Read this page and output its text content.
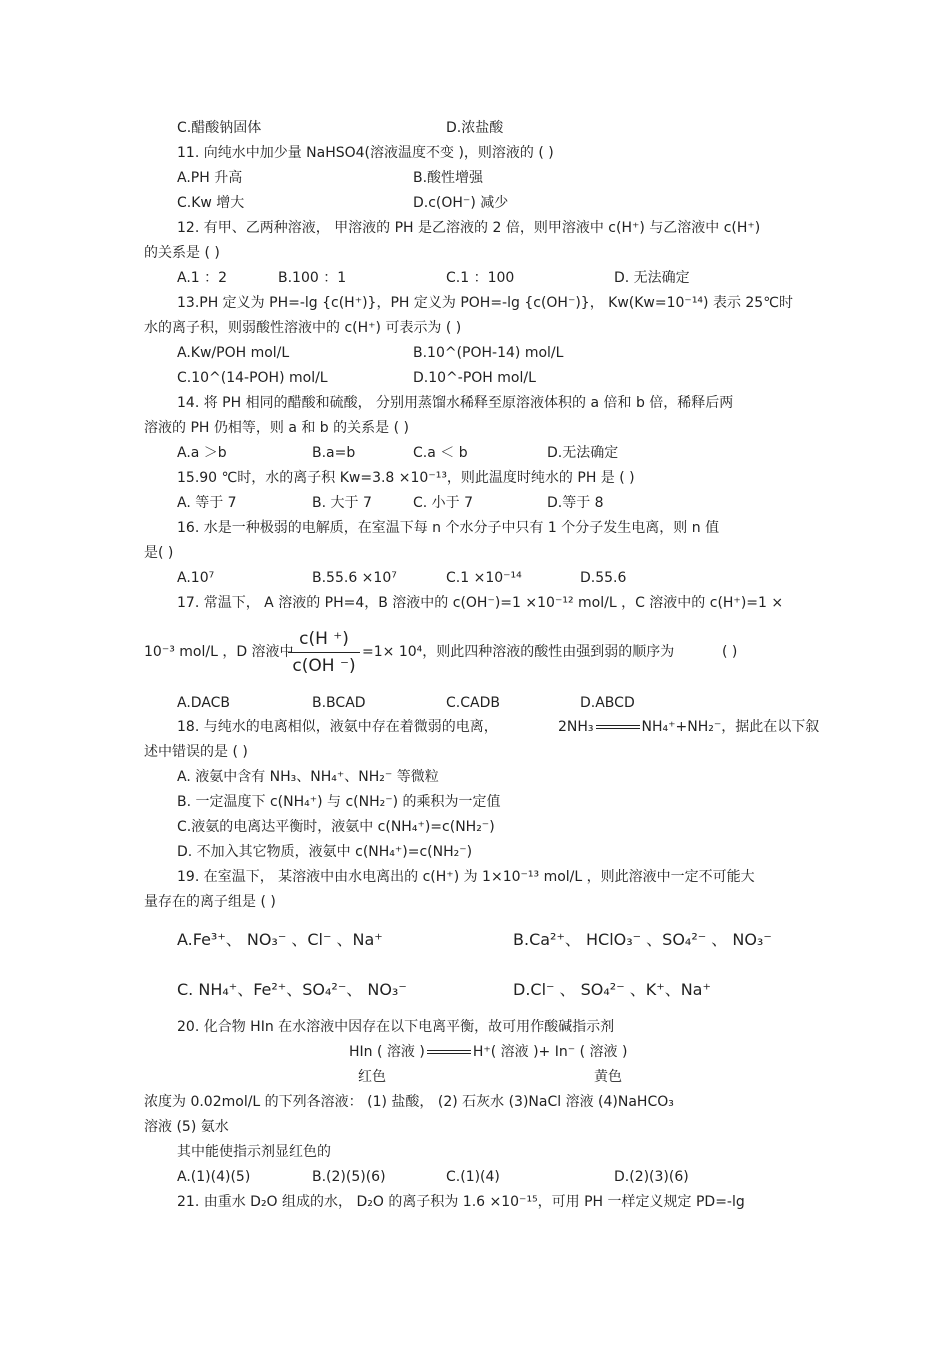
C.醋酸钠固体	D.浓盐酸
11. 向纯水中加少量 NaHSO4(溶液温度不变 )，则溶液的 ( )
A.PH 升高	B.酸性增强
C.Kw 增大	D.c(OH⁻) 减少
12. 有甲、乙两种溶液， 甲溶液的 PH 是乙溶液的 2 倍，则甲溶液中 c(H⁺) 与乙溶液中 c(H⁺)
的关系是 ( )
A.1 ：2	B.100 ：1	C.1 ：100	D. 无法确定
13.PH 定义为 PH=-lg {c(H⁺)}，PH 定义为 POH=-lg {c(OH⁻)}， Kw(Kw=10⁻¹⁴) 表示 25℃时
水的离子积，则弱酸性溶液中的 c(H⁺) 可表示为 ( )
A.Kw/POH mol/L	B.10^(POH-14) mol/L
C.10^(14-POH) mol/L	D.10^-POH mol/L
14. 将 PH 相同的醋酸和硫酸， 分别用蒸馏水稀释至原溶液体积的 a 倍和 b 倍，稀释后两
溶液的 PH 仍相等，则 a 和 b 的关系是 ( )
A.a ＞b	B.a=b	C.a ＜ b	D.无法确定
15.90 ℃时，水的离子积 Kw=3.8 ×10⁻¹³，则此温度时纯水的 PH 是 ( )
A. 等于 7	B. 大于 7	C. 小于 7	D.等于 8
16. 水是一种极弱的电解质，在室温下每 n 个水分子中只有 1 个分子发生电离，则 n 值
是( )
A.10⁷	B.55.6 ×10⁷	C.1 ×10⁻¹⁴	D.55.6
17. 常温下， A 溶液的 PH=4，B 溶液中的 c(OH⁻)=1 ×10⁻¹² mol/L ，C 溶液中的 c(H⁺)=1 ×
10⁻³ mol/L ，D 溶液中
c(H ⁺)
c(OH ⁻)
=1× 10⁴，则此四种溶液的酸性由强到弱的顺序为	( )
A.DACB	B.BCAD	C.CADB	D.ABCD
18. 与纯水的电离相似，液氨中存在着微弱的电离，	2NH₃	NH₄⁺+NH₂⁻，据此在以下叙
述中错误的是 ( )
A. 液氨中含有 NH₃、NH₄⁺、NH₂⁻ 等微粒
B. 一定温度下 c(NH₄⁺) 与 c(NH₂⁻) 的乘积为一定值
C.液氨的电离达平衡时，液氨中 c(NH₄⁺)=c(NH₂⁻)
D. 不加入其它物质，液氨中 c(NH₄⁺)=c(NH₂⁻)
19. 在室温下， 某溶液中由水电离出的 c(H⁺) 为 1×10⁻¹³ mol/L ，则此溶液中一定不可能大
量存在的离子组是 ( )
A.Fe³⁺、 NO₃⁻ 、Cl⁻ 、Na⁺	B.Ca²⁺、 HClO₃⁻ 、SO₄²⁻ 、 NO₃⁻
C. NH₄⁺、Fe²⁺、SO₄²⁻、 NO₃⁻	D.Cl⁻ 、 SO₄²⁻ 、K⁺、Na⁺
20. 化合物 HIn 在水溶液中因存在以下电离平衡，故可用作酸碱指示剂
HIn ( 溶液 )	H⁺( 溶液 )+ In⁻ ( 溶液 )
红色	黄色
浓度为 0.02mol/L 的下列各溶液： (1) 盐酸， (2) 石灰水 (3)NaCl 溶液 (4)NaHCO₃
溶液 (5) 氨水
其中能使指示剂显红色的
A.(1)(4)(5)	B.(2)(5)(6)	C.(1)(4)	D.(2)(3)(6)
21. 由重水 D₂O 组成的水， D₂O 的离子积为 1.6 ×10⁻¹⁵，可用 PH 一样定义规定 PD=-lg
